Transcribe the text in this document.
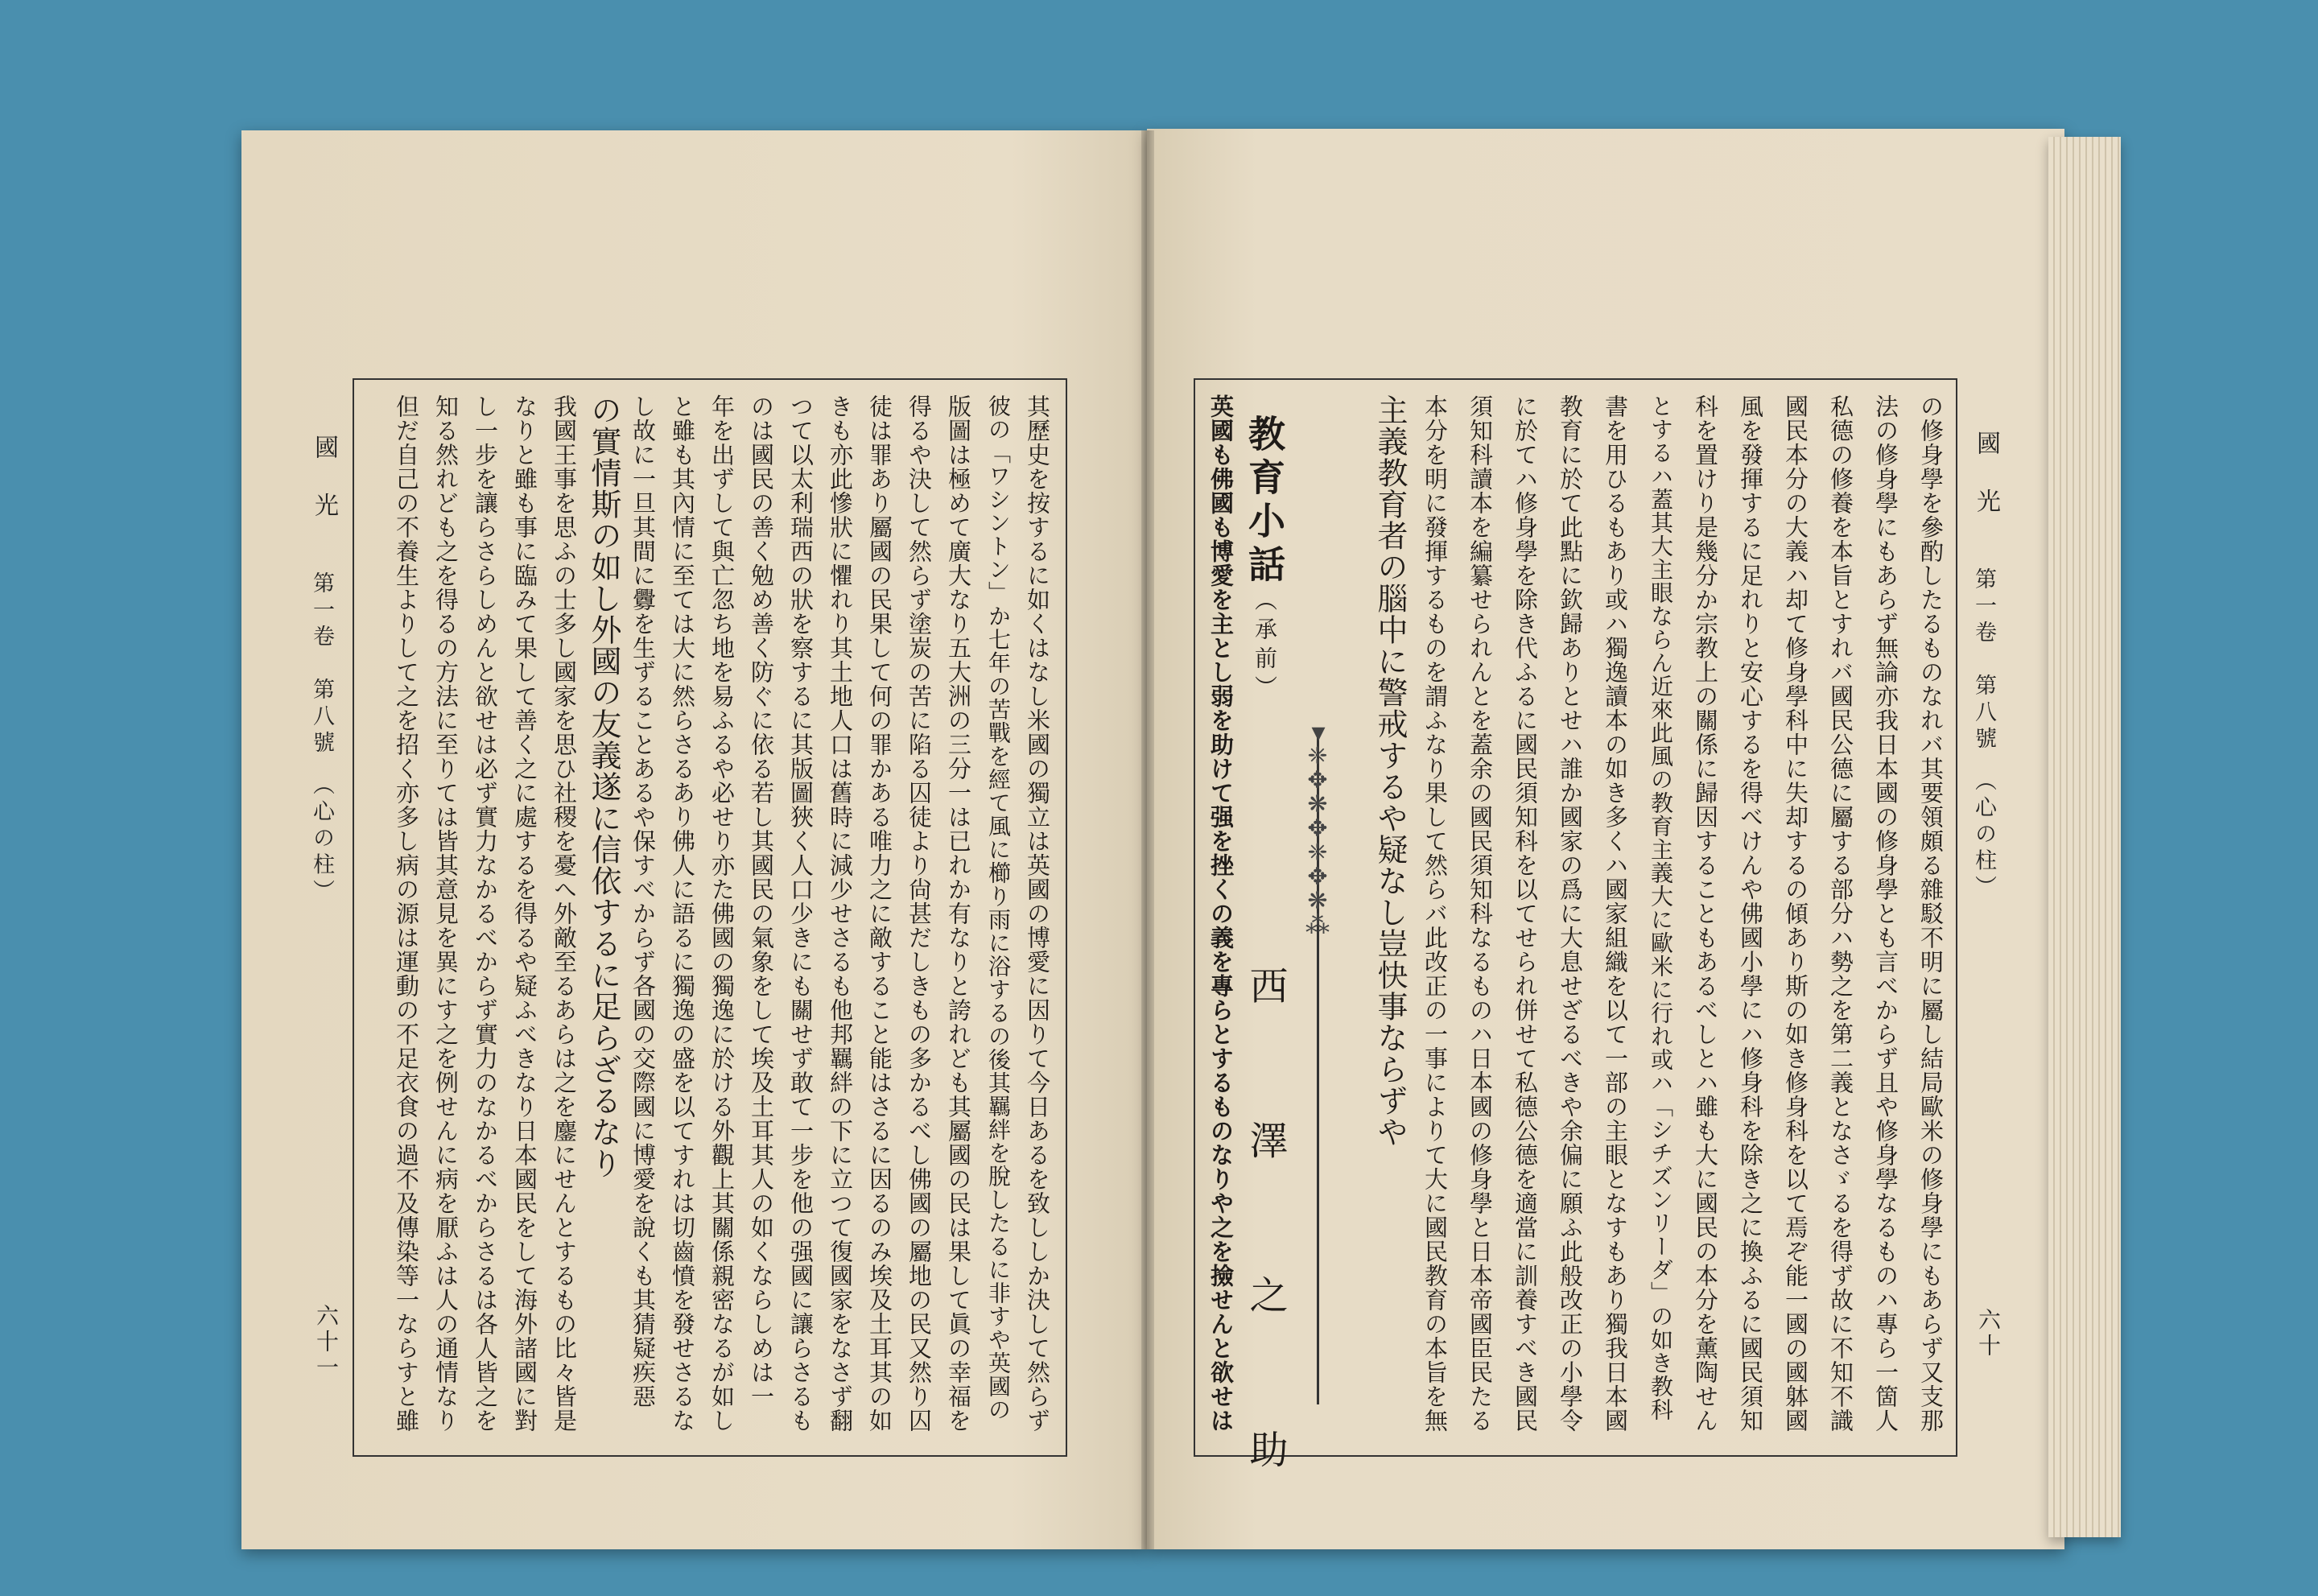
其歷史を按するに如くはなし米國の獨立は英國の博愛に因りて今日あるを致ししか決して然らず
彼の「ワシントン」か七年の苦戰を經て風に櫛り雨に浴するの後其羈絆を脫したるに非すや英國の
版圖は極めて廣大なり五大洲の三分一は已れか有なりと誇れども其屬國の民は果して眞の幸福を
得るや決して然らず塗炭の苦に陷る囚徒より尙甚だしきもの多かるべし佛國の屬地の民又然り囚
徒は罪あり屬國の民果して何の罪かある唯力之に敵すること能はさるに因るのみ埃及土耳其の如
きも亦此慘狀に懼れり其土地人口は舊時に減少せさるも他邦羈絆の下に立つて復國家をなさず翻
つて以太利瑞西の狀を察するに其版圖狹く人口少きにも關せず敢て一步を他の强國に讓らさるも
のは國民の善く勉め善く防ぐに依る若し其國民の氣象をして埃及土耳其人の如くならしめは一
年を出ずして與亡忽ち地を易ふるや必せり亦た佛國の獨逸に於ける外觀上其關係親密なるが如し
と雖も其內情に至ては大に然らさるあり佛人に語るに獨逸の盛を以てすれは切齒憤を發せさるな
し故に一旦其間に釁を生ずることあるや保すべからず各國の交際國に博愛を說くも其猜疑疾惡
の實情斯の如し外國の友義遂に信依するに足らざるなり
我國王事を思ふの士多し國家を思ひ社稷を憂へ外敵至るあらは之を鏖にせんとするもの比々皆是
なりと雖も事に臨みて果して善く之に處するを得るや疑ふべきなり日本國民をして海外諸國に對
し一步を讓らさらしめんと欲せは必ず實力なかるべからず實力のなかるべからさるは各人皆之を
知る然れども之を得るの方法に至りては皆其意見を異にす之を例せんに病を厭ふは人の通情なり
但だ自己の不養生よりして之を招く亦多し病の源は運動の不足衣食の過不及傳染等一ならすと雖
國　光
第一卷　第八號　（心の柱）
六十一	の修身學を參酌したるものなれバ其要領頗る雜駁不明に屬し結局歐米の修身學にもあらず又支那
法の修身學にもあらず無論亦我日本國の修身學とも言べからず且や修身學なるものハ專ら一箇人
私德の修養を本旨とすれバ國民公德に屬する部分ハ勢之を第二義となさゞるを得ず故に不知不識
國民本分の大義ハ却て修身學科中に失却するの傾あり斯の如き修身科を以て焉ぞ能一國の國躰國
風を發揮するに足れりと安心するを得べけんや佛國小學にハ修身科を除き之に換ふるに國民須知
科を置けり是幾分か宗教上の關係に歸因することもあるべしとハ雖も大に國民の本分を薰陶せん
とするハ蓋其大主眼ならん近來此風の教育主義大に歐米に行れ或ハ「シチズンリーダ」の如き教科
書を用ひるもあり或ハ獨逸讀本の如き多くハ國家組織を以て一部の主眼となすもあり獨我日本國
教育に於て此點に欽歸ありとせハ誰か國家の爲に大息せざるべきや余偏に願ふ此般改正の小學令
に於てハ修身學を除き代ふるに國民須知科を以てせられ併せて私德公德を適當に訓養すべき國民
須知科讀本を編纂せられんとを蓋余の國民須知科なるものハ日本國の修身學と日本帝國臣民たる
本分を明に發揮するものを謂ふなり果して然らバ此改正の一事によりて大に國民教育の本旨を無
主義教育者の腦中に警戒するや疑なし豈快事ならずや
▾
❈
✥
❋
✥
❈
✥
❋
⁂
教育小話（承前）
西　澤　之　助
英國も佛國も博愛を主とし弱を助けて强を挫くの義を專らとするものなりや之を撿せんと欲せは	國　光
第一卷　第八號　（心の柱）
六十
